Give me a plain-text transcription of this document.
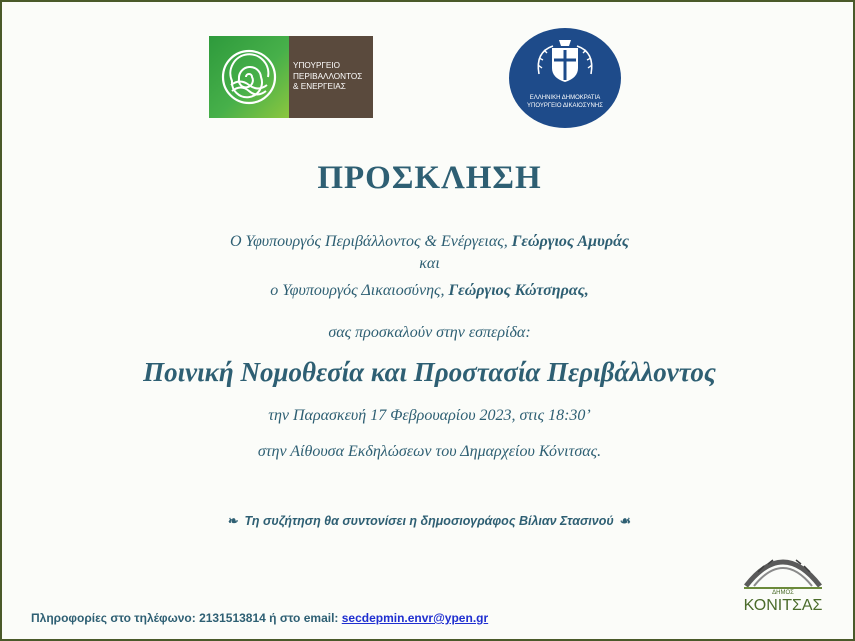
ΥΠΟΥΡΓΕΙΟ
ΠΕΡΙΒΑΛΛΟΝΤΟΣ
& ΕΝΕΡΓΕΙΑΣ
ΕΛΛΗΝΙΚΗ ΔΗΜΟΚΡΑΤΙΑ
ΥΠΟΥΡΓΕΙΟ ΔΙΚΑΙΟΣΥΝΗΣ
ΠΡΟΣΚΛΗΣΗ
Ο Υφυπουργός Περιβάλλοντος & Ενέργειας, Γεώργιος Αμυράς
και
ο Υφυπουργός Δικαιοσύνης, Γεώργιος Κώτσηρας,
σας προσκαλούν στην εσπερίδα:
Ποινική Νομοθεσία και Προστασία Περιβάλλοντος
την Παρασκευή 17 Φεβρουαρίου 2023, στις 18:30’
στην Αίθουσα Εκδηλώσεων του Δημαρχείου Κόνιτσας.
❧ Τη συζήτηση θα συντονίσει η δημοσιογράφος Βίλιαν Στασινού ☙
ΔΗΜΟΣ
ΚΟΝΙΤΣΑΣ
Πληροφορίες στο τηλέφωνο: 2131513814 ή στο email: secdepmin.envr@ypen.gr
